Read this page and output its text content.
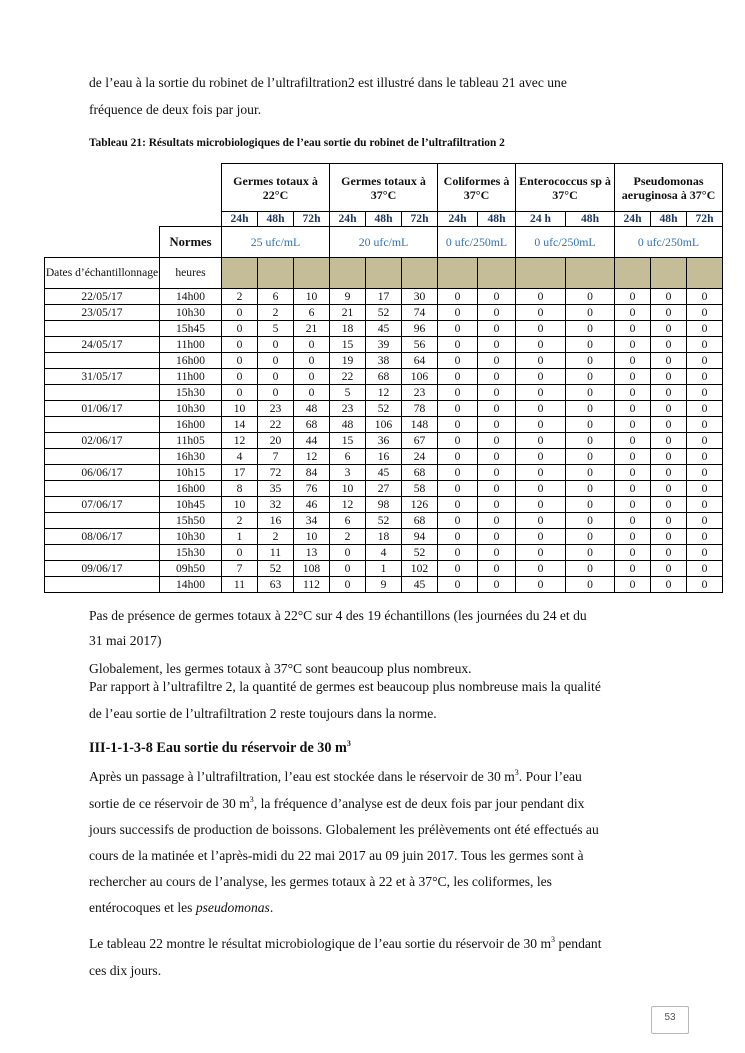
de l’eau à la sortie du robinet de l’ultrafiltration2 est illustré dans le tableau 21 avec une

fréquence de deux fois par jour.

Tableau 21: Résultats microbiologiques de l’eau sortie du robinet de l’ultrafiltration 2

		Germes totaux à 22°C			Germes totaux à 37°C			Coliformes à 37°C		Enterococcus sp à 37°C		Pseudomonas aeruginosa à 37°C		
		24h	48h	72h	24h	48h	72h	24h	48h	24 h	48h	24h	48h	72h
	Normes	25 ufc/mL			20 ufc/mL			0 ufc/250mL		0 ufc/250mL		0 ufc/250mL		
Dates d’échantillonnage	heures													
22/05/17	14h00	2	6	10	9	17	30	0	0	0	0	0	0	0
23/05/17	10h30	0	2	6	21	52	74	0	0	0	0	0	0	0
	15h45	0	5	21	18	45	96	0	0	0	0	0	0	0
24/05/17	11h00	0	0	0	15	39	56	0	0	0	0	0	0	0
	16h00	0	0	0	19	38	64	0	0	0	0	0	0	0
31/05/17	11h00	0	0	0	22	68	106	0	0	0	0	0	0	0
	15h30	0	0	0	5	12	23	0	0	0	0	0	0	0
01/06/17	10h30	10	23	48	23	52	78	0	0	0	0	0	0	0
	16h00	14	22	68	48	106	148	0	0	0	0	0	0	0
02/06/17	11h05	12	20	44	15	36	67	0	0	0	0	0	0	0
	16h30	4	7	12	6	16	24	0	0	0	0	0	0	0
06/06/17	10h15	17	72	84	3	45	68	0	0	0	0	0	0	0
	16h00	8	35	76	10	27	58	0	0	0	0	0	0	0
07/06/17	10h45	10	32	46	12	98	126	0	0	0	0	0	0	0
	15h50	2	16	34	6	52	68	0	0	0	0	0	0	0
08/06/17	10h30	1	2	10	2	18	94	0	0	0	0	0	0	0
	15h30	0	11	13	0	4	52	0	0	0	0	0	0	0
09/06/17	09h50	7	52	108	0	1	102	0	0	0	0	0	0	0
	14h00	11	63	112	0	9	45	0	0	0	0	0	0	0

Pas de présence de germes totaux à 22°C sur 4 des 19 échantillons (les journées du 24 et du

31 mai 2017)

Globalement, les germes totaux à 37°C sont beaucoup plus nombreux.

Par rapport à l’ultrafiltre 2, la quantité de germes est beaucoup plus nombreuse mais la qualité

de l’eau sortie de l’ultrafiltration 2 reste toujours dans la norme.

III-1-1-3-8 Eau sortie du réservoir de 30 $m^3$

Après un passage à l’ultrafiltration, l’eau est stockée dans le réservoir de 30 $m^3$. Pour l’eau

sortie de ce réservoir de 30 $m^3$, la fréquence d’analyse est de deux fois par jour pendant dix

jours successifs de production de boissons. Globalement les prélèvements ont été effectués au

cours de la matinée et l’après-midi du 22 mai 2017 au 09 juin 2017. Tous les germes sont à

rechercher au cours de l’analyse, les germes totaux à 22 et à 37°C, les coliformes, les

entérocoques et les pseudomonas.

Le tableau 22 montre le résultat microbiologique de l’eau sortie du réservoir de 30 $m^3$ pendant

ces dix jours.

53
